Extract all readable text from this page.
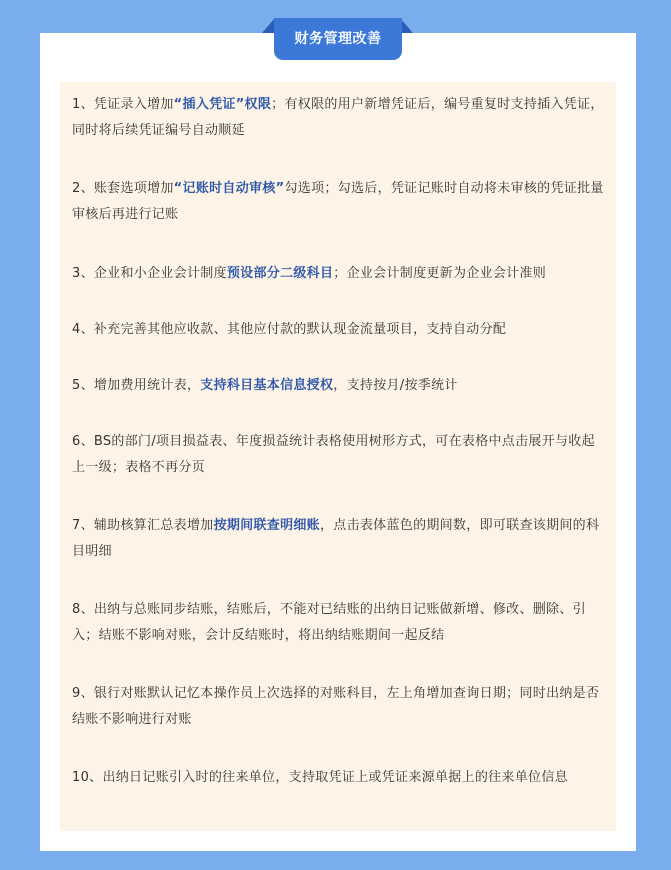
财务管理改善

1、凭证录入增加“插入凭证”权限；有权限的用户新增凭证后，编号重复时支持插入凭证，同时将后续凭证编号自动顺延

2、账套选项增加“记账时自动审核”勾选项；勾选后，凭证记账时自动将未审核的凭证批量审核后再进行记账

3、企业和小企业会计制度预设部分二级科目；企业会计制度更新为企业会计准则

4、补充完善其他应收款、其他应付款的默认现金流量项目，支持自动分配

5、增加费用统计表，支持科目基本信息授权，支持按月/按季统计

6、BS的部门/项目损益表、年度损益统计表格使用树形方式，可在表格中点击展开与收起上一级；表格不再分页

7、辅助核算汇总表增加按期间联查明细账，点击表体蓝色的期间数，即可联查该期间的科目明细

8、出纳与总账同步结账，结账后，不能对已结账的出纳日记账做新增、修改、删除、引入；结账不影响对账，会计反结账时，将出纳结账期间一起反结

9、银行对账默认记忆本操作员上次选择的对账科目，左上角增加查询日期；同时出纳是否结账不影响进行对账

10、出纳日记账引入时的往来单位，支持取凭证上或凭证来源单据上的往来单位信息
